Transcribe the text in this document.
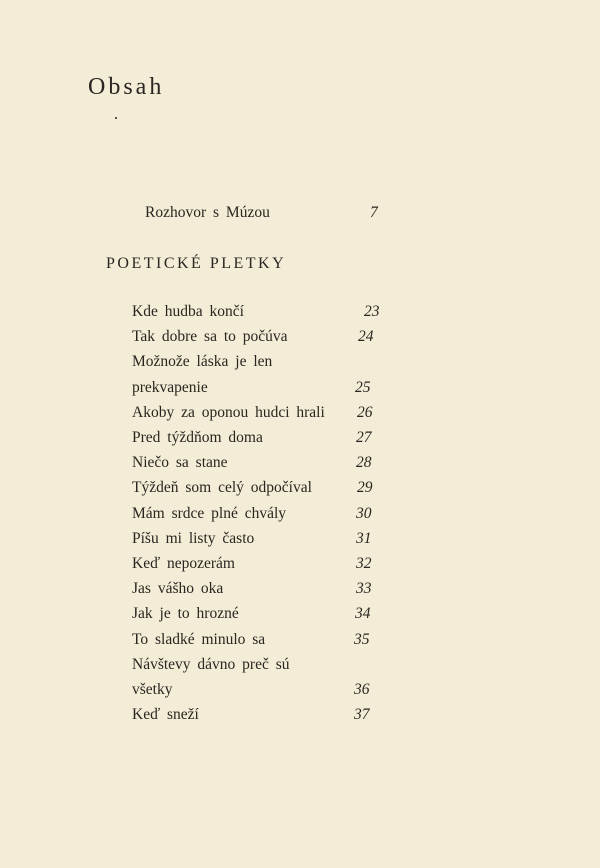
Obsah
Rozhovor s Múzou	7
POETICKÉ PLETKY
Kde hudba končí	23
Tak dobre sa to počúva	24
Možnože láska je len
prekvapenie	25
Akoby za oponou hudci hrali 26
Pred týždňom doma	27
Niečo sa stane	28
Týždeň som celý odpočíval	29
Mám srdce plné chvály	30
Píšu mi listy často	31
Keď nepozerám	32
Jas vášho oka	33
Jak je to hrozné	34
To sladké minulo sa	35
Návštevy dávno preč sú
všetky	36
Keď sneží	37
